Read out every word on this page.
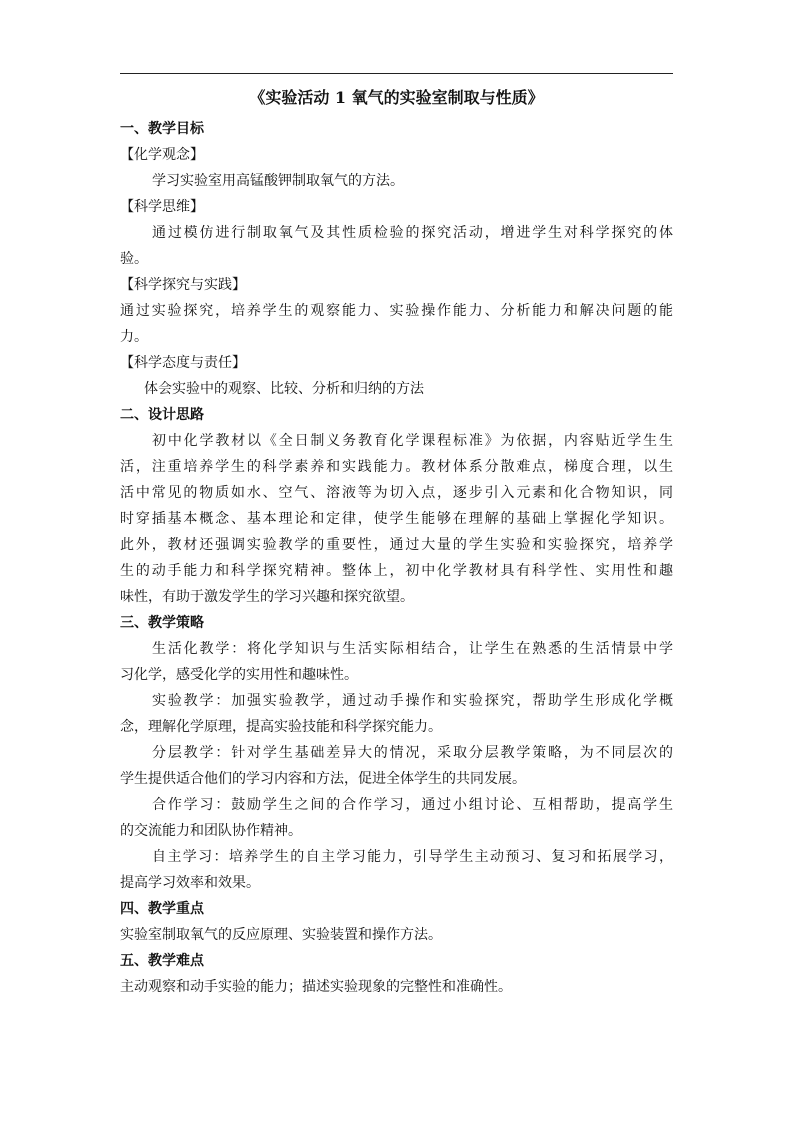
《实验活动 1 氧气的实验室制取与性质》
一、教学目标
【化学观念】
学习实验室用高锰酸钾制取氧气的方法。
【科学思维】
通过模仿进行制取氧气及其性质检验的探究活动，增进学生对科学探究的体
验。
【科学探究与实践】
通过实验探究，培养学生的观察能力、实验操作能力、分析能力和解决问题的能
力。
【科学态度与责任】
体会实验中的观察、比较、分析和归纳的方法
二、设计思路
初中化学教材以《全日制义务教育化学课程标准》为依据，内容贴近学生生
活，注重培养学生的科学素养和实践能力。教材体系分散难点，梯度合理，以生
活中常见的物质如水、空气、溶液等为切入点，逐步引入元素和化合物知识，同
时穿插基本概念、基本理论和定律，使学生能够在理解的基础上掌握化学知识。
此外，教材还强调实验教学的重要性，通过大量的学生实验和实验探究，培养学
生的动手能力和科学探究精神。整体上，初中化学教材具有科学性、实用性和趣
味性，有助于激发学生的学习兴趣和探究欲望。
三、教学策略
生活化教学：将化学知识与生活实际相结合，让学生在熟悉的生活情景中学
习化学，感受化学的实用性和趣味性。
实验教学：加强实验教学，通过动手操作和实验探究，帮助学生形成化学概
念，理解化学原理，提高实验技能和科学探究能力。
分层教学：针对学生基础差异大的情况，采取分层教学策略，为不同层次的
学生提供适合他们的学习内容和方法，促进全体学生的共同发展。
合作学习：鼓励学生之间的合作学习，通过小组讨论、互相帮助，提高学生
的交流能力和团队协作精神。
自主学习：培养学生的自主学习能力，引导学生主动预习、复习和拓展学习，
提高学习效率和效果。
四、教学重点
实验室制取氧气的反应原理、实验装置和操作方法。
五、教学难点
主动观察和动手实验的能力；描述实验现象的完整性和准确性。
